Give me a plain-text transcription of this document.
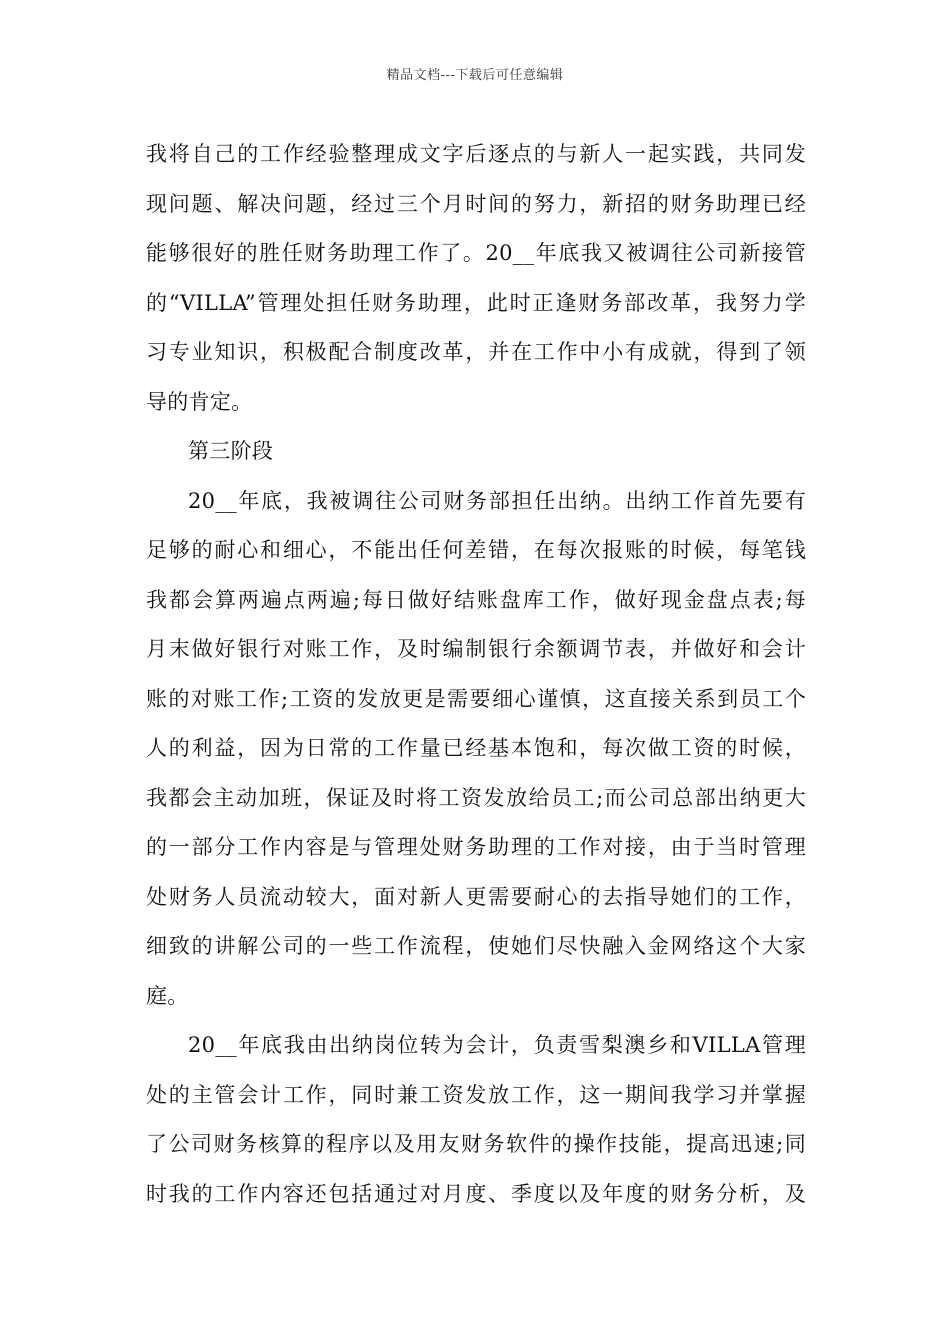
精品文档---下载后可任意编辑

我将自己的工作经验整理成文字后逐点的与新人一起实践，共同发
现问题、解决问题，经过三个月时间的努力，新招的财务助理已经
能够很好的胜任财务助理工作了。20__年底我又被调往公司新接管
的“VILLA”管理处担任财务助理，此时正逢财务部改革，我努力学
习专业知识，积极配合制度改革，并在工作中小有成就，得到了领
导的肯定。

第三阶段

20__年底，我被调往公司财务部担任出纳。出纳工作首先要有
足够的耐心和细心，不能出任何差错，在每次报账的时候，每笔钱
我都会算两遍点两遍;每日做好结账盘库工作，做好现金盘点表;每
月末做好银行对账工作，及时编制银行余额调节表，并做好和会计
账的对账工作;工资的发放更是需要细心谨慎，这直接关系到员工个
人的利益，因为日常的工作量已经基本饱和，每次做工资的时候，
我都会主动加班，保证及时将工资发放给员工;而公司总部出纳更大
的一部分工作内容是与管理处财务助理的工作对接，由于当时管理
处财务人员流动较大，面对新人更需要耐心的去指导她们的工作，
细致的讲解公司的一些工作流程，使她们尽快融入金网络这个大家
庭。

20__年底我由出纳岗位转为会计，负责雪梨澳乡和VILLA管理
处的主管会计工作，同时兼工资发放工作，这一期间我学习并掌握
了公司财务核算的程序以及用友财务软件的操作技能，提高迅速;同
时我的工作内容还包括通过对月度、季度以及年度的财务分析，及
